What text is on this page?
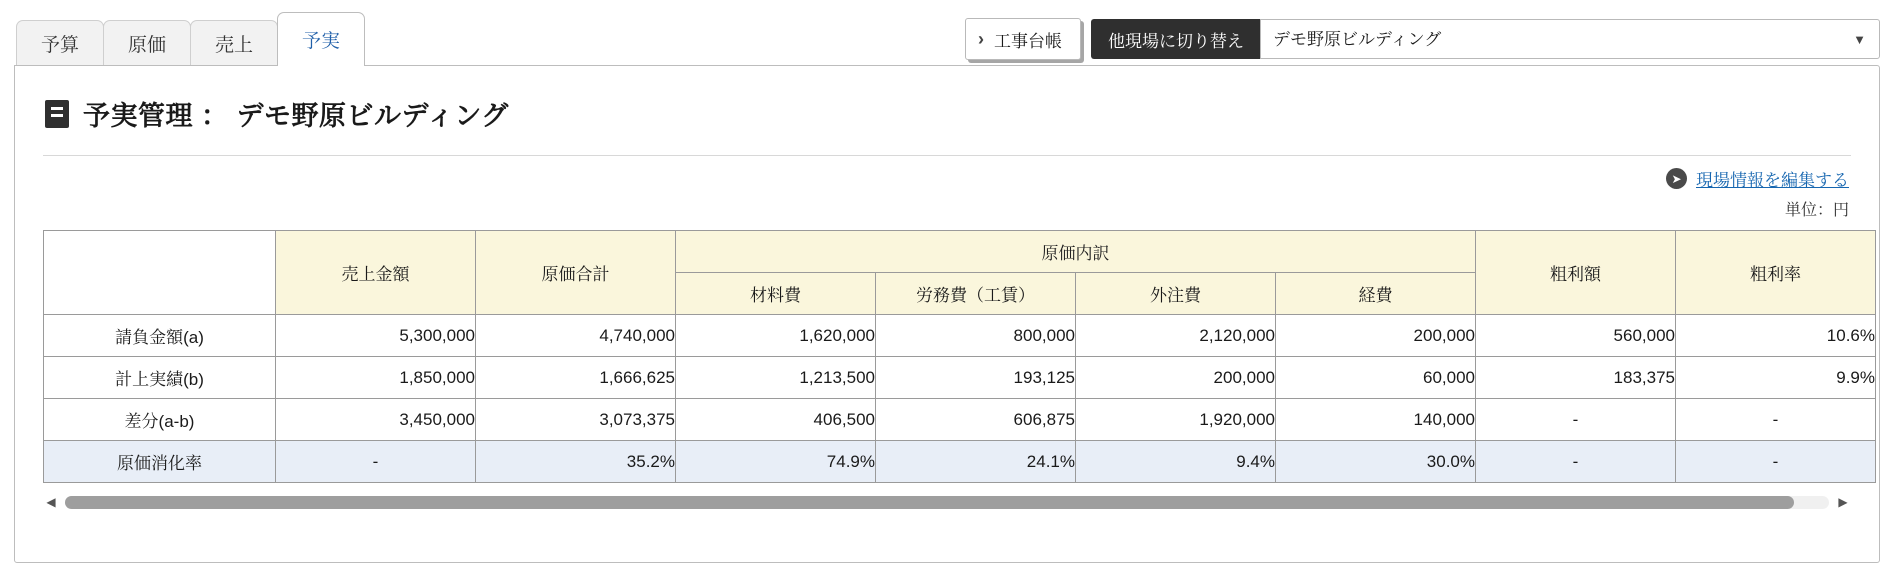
予算	原価	売上	予実	› 工事台帳	他現場に切り替え
デモ野原ビルディング	▼
予実管理 ： デモ野原ビルディング
➤ 現場情報を編集する
単位：円
	売上金額	原価合計	原価内訳				粗利額	粗利率
			材料費	労務費（工賃）	外注費	経費		
請負金額(a)	5,300,000	4,740,000	1,620,000	800,000	2,120,000	200,000	560,000	10.6%
計上実績(b)	1,850,000	1,666,625	1,213,500	193,125	200,000	60,000	183,375	9.9%
差分(a-b)	3,450,000	3,073,375	406,500	606,875	1,920,000	140,000	-	-
原価消化率	-	35.2%	74.9%	24.1%	9.4%	30.0%	-	-
◀	▶
